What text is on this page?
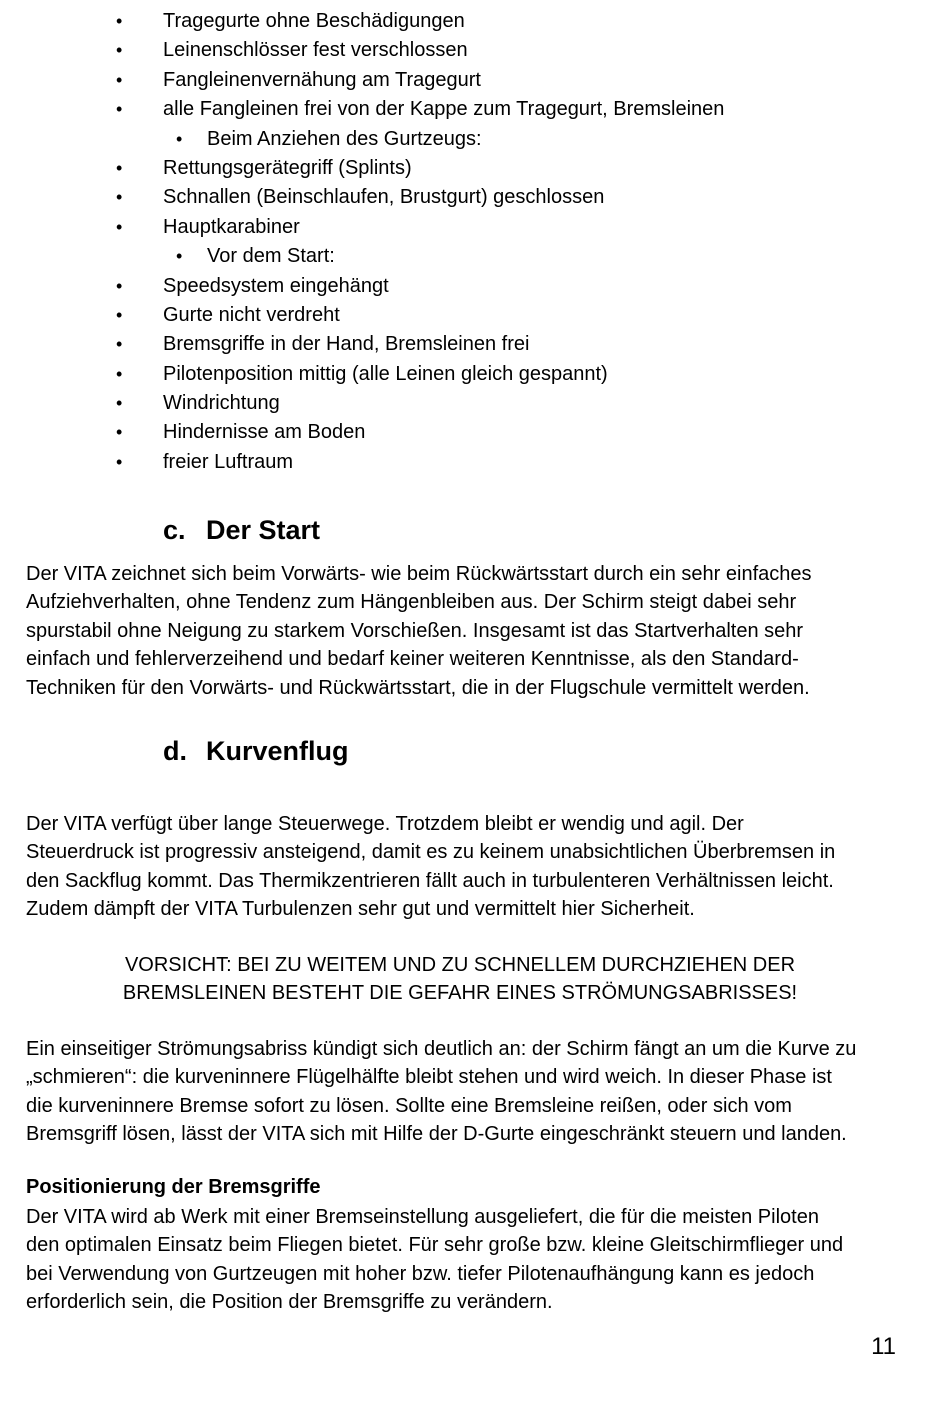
• Tragegurte ohne Beschädigungen
• Leinenschlösser fest verschlossen
• Fangleinenvernähung am Tragegurt
• alle Fangleinen frei von der Kappe zum Tragegurt, Bremsleinen
• Beim Anziehen des Gurtzeugs:
• Rettungsgerätegriff (Splints)
• Schnallen (Beinschlaufen, Brustgurt) geschlossen
• Hauptkarabiner
• Vor dem Start:
• Speedsystem eingehängt
• Gurte nicht verdreht
• Bremsgriffe in der Hand, Bremsleinen frei
• Pilotenposition mittig (alle Leinen gleich gespannt)
• Windrichtung
• Hindernisse am Boden
• freier Luftraum
c. Der Start

Der VITA zeichnet sich beim Vorwärts- wie beim Rückwärtsstart durch ein sehr einfaches
Aufziehverhalten, ohne Tendenz zum Hängenbleiben aus. Der Schirm steigt dabei sehr
spurstabil ohne Neigung zu starkem Vorschießen. Insgesamt ist das Startverhalten sehr
einfach und fehlerverzeihend und bedarf keiner weiteren Kenntnisse, als den Standard-
Techniken für den Vorwärts- und Rückwärtsstart, die in der Flugschule vermittelt werden.

d. Kurvenflug

Der VITA verfügt über lange Steuerwege. Trotzdem bleibt er wendig und agil. Der
Steuerdruck ist progressiv ansteigend, damit es zu keinem unabsichtlichen Überbremsen in
den Sackflug kommt. Das Thermikzentrieren fällt auch in turbulenteren Verhältnissen leicht.
Zudem dämpft der VITA Turbulenzen sehr gut und vermittelt hier Sicherheit.

VORSICHT: BEI ZU WEITEM UND ZU SCHNELLEM DURCHZIEHEN DER
BREMSLEINEN BESTEHT DIE GEFAHR EINES STRÖMUNGSABRISSES!

Ein einseitiger Strömungsabriss kündigt sich deutlich an: der Schirm fängt an um die Kurve zu
„schmieren“: die kurveninnere Flügelhälfte bleibt stehen und wird weich. In dieser Phase ist
die kurveninnere Bremse sofort zu lösen. Sollte eine Bremsleine reißen, oder sich vom
Bremsgriff lösen, lässt der VITA sich mit Hilfe der D-Gurte eingeschränkt steuern und landen.

Positionierung der Bremsgriffe

Der VITA wird ab Werk mit einer Bremseinstellung ausgeliefert, die für die meisten Piloten
den optimalen Einsatz beim Fliegen bietet. Für sehr große bzw. kleine Gleitschirmflieger und
bei Verwendung von Gurtzeugen mit hoher bzw. tiefer Pilotenaufhängung kann es jedoch
erforderlich sein, die Position der Bremsgriffe zu verändern.

11
